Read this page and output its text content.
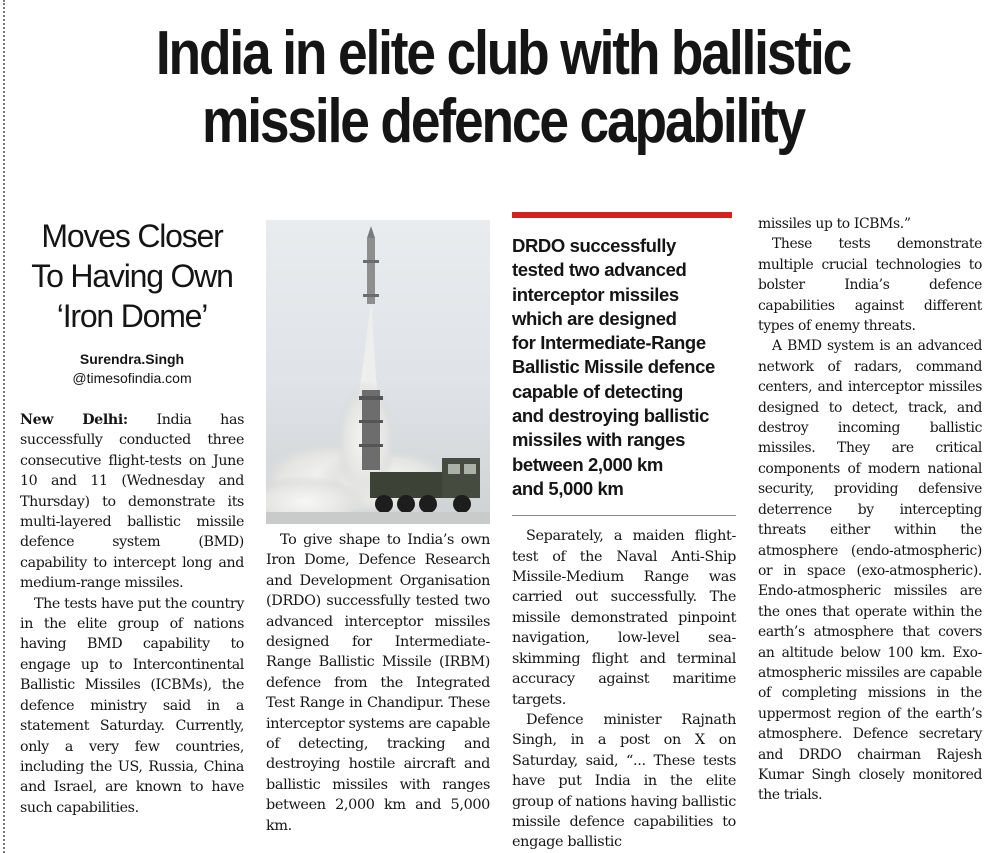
India in elite club with ballistic
missile defence capability
Moves Closer
To Having Own
‘Iron Dome’
Surendra.Singh
@timesofindia.com

New Delhi: India has successfully conducted three consecutive flight-tests on June 10 and 11 (Wednesday and Thursday) to demonstrate its multi-layered ballistic missile defence system (BMD) capability to intercept long and medium-range missiles.

The tests have put the country in the elite group of nations having BMD capability to engage up to Intercontinental Ballistic Missiles (ICBMs), the defence ministry said in a statement Saturday. Currently, only a very few countries, including the US, Russia, China and Israel, are known to have such capabilities.

To give shape to India’s own Iron Dome, Defence Research and Development Organisation (DRDO) successfully tested two advanced interceptor missiles designed for Intermediate-Range Ballistic Missile (IRBM) defence from the Integrated Test Range in Chandipur. These interceptor systems are capable of detecting, tracking and destroying hostile aircraft and ballistic missiles with ranges between 2,000 km and 5,000 km.

DRDO successfully
tested two advanced
interceptor missiles
which are designed
for Intermediate-Range
Ballistic Missile defence
capable of detecting
and destroying ballistic
missiles with ranges
between 2,000 km
and 5,000 km

Separately, a maiden flight-test of the Naval Anti-Ship Missile-Medium Range was carried out successfully. The missile demonstrated pinpoint navigation, low-level sea-skimming flight and terminal accuracy against maritime targets.

Defence minister Rajnath Singh, in a post on X on Saturday, said, “... These tests have put India in the elite group of nations having ballistic missile defence capabilities to engage ballistic

missiles up to ICBMs.”

These tests demonstrate multiple crucial technologies to bolster India’s defence capabilities against different types of enemy threats.

A BMD system is an advanced network of radars, command centers, and interceptor missiles designed to detect, track, and destroy incoming ballistic missiles. They are critical components of modern national security, providing defensive deterrence by intercepting threats either within the atmosphere (endo-atmospheric) or in space (exo-atmospheric). Endo-atmospheric missiles are the ones that operate within the earth’s atmosphere that covers an altitude below 100 km. Exo-atmospheric missiles are capable of completing missions in the uppermost region of the earth’s atmosphere. Defence secretary and DRDO chairman Rajesh Kumar Singh closely monitored the trials.
